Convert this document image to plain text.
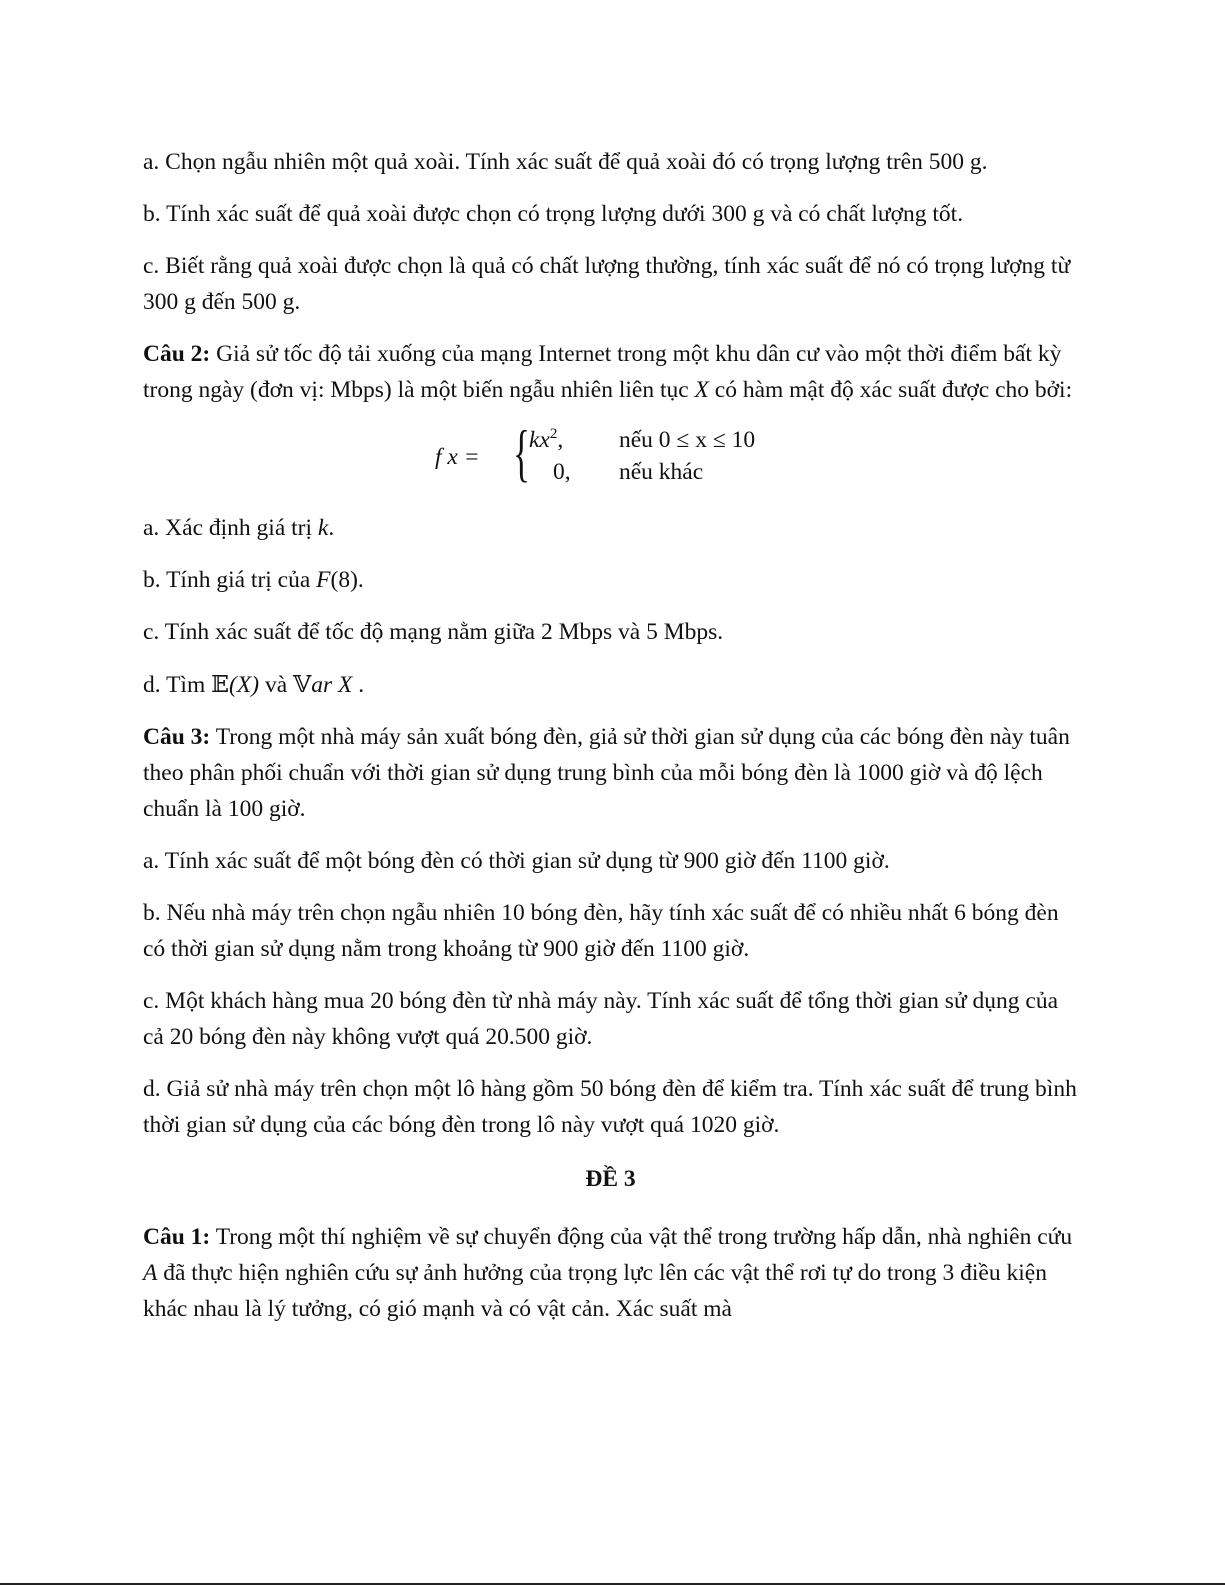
a. Chọn ngẫu nhiên một quả xoài. Tính xác suất để quả xoài đó có trọng lượng trên 500 g.

b. Tính xác suất để quả xoài được chọn có trọng lượng dưới 300 g và có chất lượng tốt.

c. Biết rằng quả xoài được chọn là quả có chất lượng thường, tính xác suất để nó có trọng lượng từ 300 g đến 500 g.

Câu 2: Giả sử tốc độ tải xuống của mạng Internet trong một khu dân cư vào một thời điểm bất kỳ trong ngày (đơn vị: Mbps) là một biến ngẫu nhiên liên tục X có hàm mật độ xác suất được cho bởi:

f x = { $kx^2$, nếu 0 ≤ x ≤ 10
0, nếu khác

a. Xác định giá trị k.

b. Tính giá trị của F(8).

c. Tính xác suất để tốc độ mạng nằm giữa 2 Mbps và 5 Mbps.

d. Tìm 𝔼(X) và 𝕍ar X .

Câu 3: Trong một nhà máy sản xuất bóng đèn, giả sử thời gian sử dụng của các bóng đèn này tuân theo phân phối chuẩn với thời gian sử dụng trung bình của mỗi bóng đèn là 1000 giờ và độ lệch chuẩn là 100 giờ.

a. Tính xác suất để một bóng đèn có thời gian sử dụng từ 900 giờ đến 1100 giờ.

b. Nếu nhà máy trên chọn ngẫu nhiên 10 bóng đèn, hãy tính xác suất để có nhiều nhất 6 bóng đèn có thời gian sử dụng nằm trong khoảng từ 900 giờ đến 1100 giờ.

c. Một khách hàng mua 20 bóng đèn từ nhà máy này. Tính xác suất để tổng thời gian sử dụng của cả 20 bóng đèn này không vượt quá 20.500 giờ.

d. Giả sử nhà máy trên chọn một lô hàng gồm 50 bóng đèn để kiểm tra. Tính xác suất để trung bình thời gian sử dụng của các bóng đèn trong lô này vượt quá 1020 giờ.

ĐỀ 3

Câu 1: Trong một thí nghiệm về sự chuyển động của vật thể trong trường hấp dẫn, nhà nghiên cứu A đã thực hiện nghiên cứu sự ảnh hưởng của trọng lực lên các vật thể rơi tự do trong 3 điều kiện khác nhau là lý tưởng, có gió mạnh và có vật cản. Xác suất mà
